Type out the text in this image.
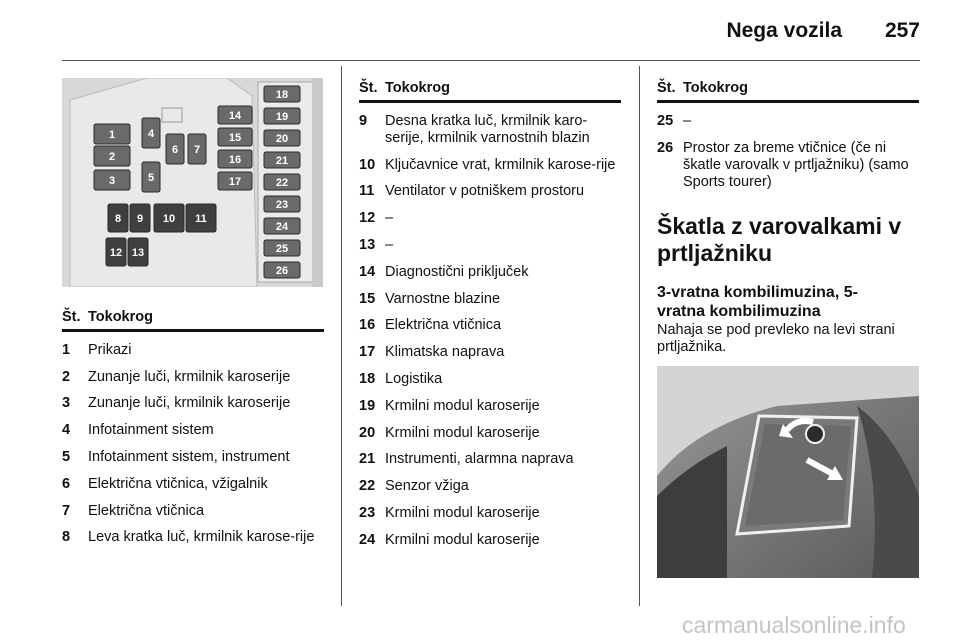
Nega vozila 257
1
2
3
4
5
6 7
8 9 10 11
12 13
14
15
16
17
18
19
20
21
22
23
24
25
26
Št. Tokokrog
1	Prikazi
2	Zunanje luči, krmilnik karoserije
3	Zunanje luči, krmilnik karoserije
4	Infotainment sistem
5	Infotainment sistem, instrument
6	Električna vtičnica, vžigalnik
7	Električna vtičnica
8	Leva kratka luč, krmilnik karose-rije
Št. Tokokrog
9	Desna kratka luč, krmilnik karo-serije, krmilnik varnostnih blazin
10 Ključavnice vrat, krmilnik karose-rije
11 Ventilator v potniškem prostoru
12 –
13 –
14 Diagnostični priključek
15 Varnostne blazine
16 Električna vtičnica
17 Klimatska naprava
18 Logistika
19 Krmilni modul karoserije
20 Krmilni modul karoserije
21 Instrumenti, alarmna naprava
22 Senzor vžiga
23 Krmilni modul karoserije
24 Krmilni modul karoserije
Št. Tokokrog
25 –
26 Prostor za breme vtičnice (če ni škatle varovalk v prtljažniku) (samo Sports tourer)
Škatla z varovalkami v prtljažniku
3-vratna kombilimuzina, 5-vratna kombilimuzina
Nahaja se pod prevleko na levi strani prtljažnika.
carmanualsonline.info
